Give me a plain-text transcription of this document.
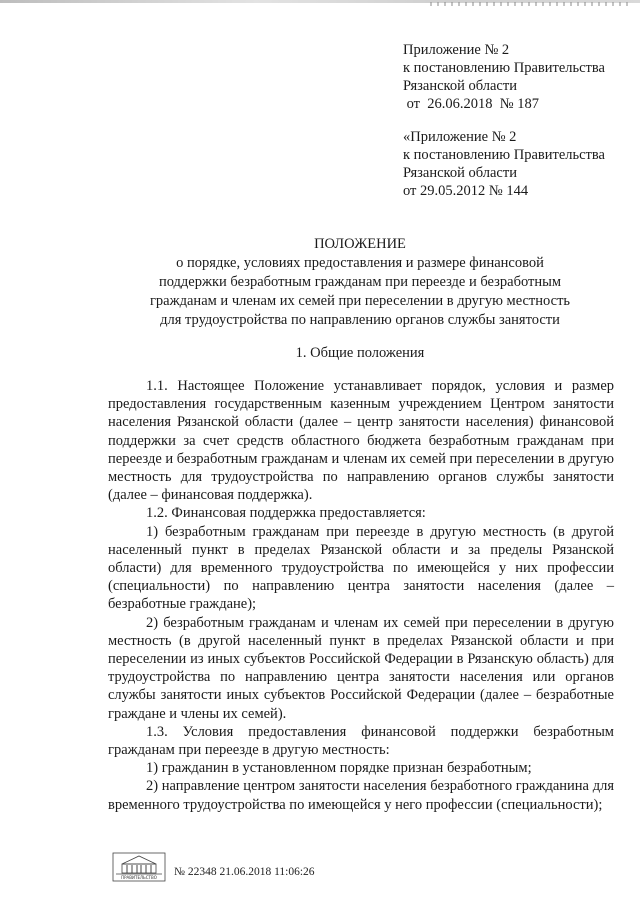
Приложение № 2
к постановлению Правительства
Рязанской области
от  26.06.2018  № 187
«Приложение № 2
к постановлению Правительства
Рязанской области
от 29.05.2012 № 144
ПОЛОЖЕНИЕ
о порядке, условиях предоставления и размере финансовой
поддержки безработным гражданам при переезде и безработным
гражданам и членам их семей при переселении в другую местность
для трудоустройства по направлению органов службы занятости
1. Общие положения

1.1. Настоящее Положение устанавливает порядок, условия и размер предоставления государственным казенным учреждением Центром занятости населения Рязанской области (далее – центр занятости населения) финансовой поддержки за счет средств областного бюджета безработным гражданам при переезде и безработным гражданам и членам их семей при переселении в другую местность для трудоустройства по направлению органов службы занятости (далее – финансовая поддержка).

1.2. Финансовая поддержка предоставляется:

1) безработным гражданам при переезде в другую местность (в другой населенный пункт в пределах Рязанской области и за пределы Рязанской области) для временного трудоустройства по имеющейся у них профессии (специальности) по направлению центра занятости населения (далее – безработные граждане);

2) безработным гражданам и членам их семей при переселении в другую местность (в другой населенный пункт в пределах Рязанской области и при переселении из иных субъектов Российской Федерации в Рязанскую область) для трудоустройства по направлению центра занятости населения или органов службы занятости иных субъектов Российской Федерации (далее – безработные граждане и члены их семей).

1.3. Условия предоставления финансовой поддержки безработным гражданам при переезде в другую местность:

1) гражданин в установленном порядке признан безработным;

2) направление центром занятости населения безработного гражданина для временного трудоустройства по имеющейся у него профессии (специальности);

ПРАВИТЕЛЬСТВО	№ 22348 21.06.2018 11:06:26
